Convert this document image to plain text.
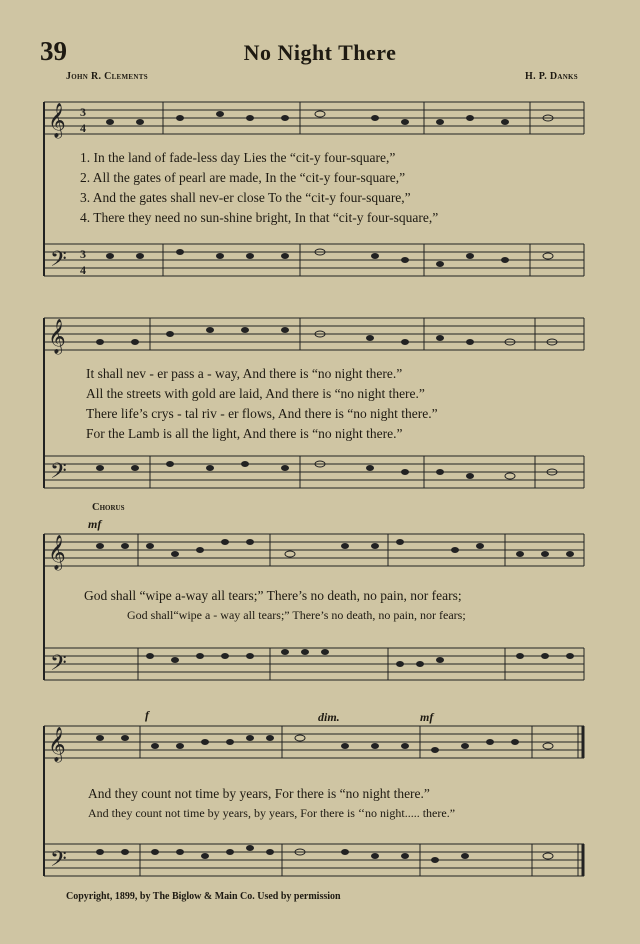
39	No Night There
John R. Clements	H. P. Danks
𝄞
𝄢
3
4
3
4
1. In the land of fade-less day Lies the “cit-y four-square,”
2. All the gates of pearl are made, In the “cit-y four-square,”
3. And the gates shall nev-er close To the “cit-y four-square,”
4. There they need no sun-shine bright, In that “cit-y four-square,”
𝄞
𝄢
It shall nev - er pass a - way, And there is “no night there.”
All the streets with gold are laid, And there is “no night there.”
There life’s crys - tal riv - er flows, And there is “no night there.”
For the Lamb is all the light, And there is “no night there.”
Chorus
mf
𝄞
𝄢
God shall “wipe a-way all tears;” There’s no death, no pain, nor fears;
God shall“wipe a - way all tears;” There’s no death, no pain, nor fears;
f	dim.	mf
𝄞
𝄢
And they count not time by years, For there is “no night there.”
And they count not time by years, by years, For there is ‘‘no night..... there.”
Copyright, 1899, by The Biglow & Main Co. Used by permission
